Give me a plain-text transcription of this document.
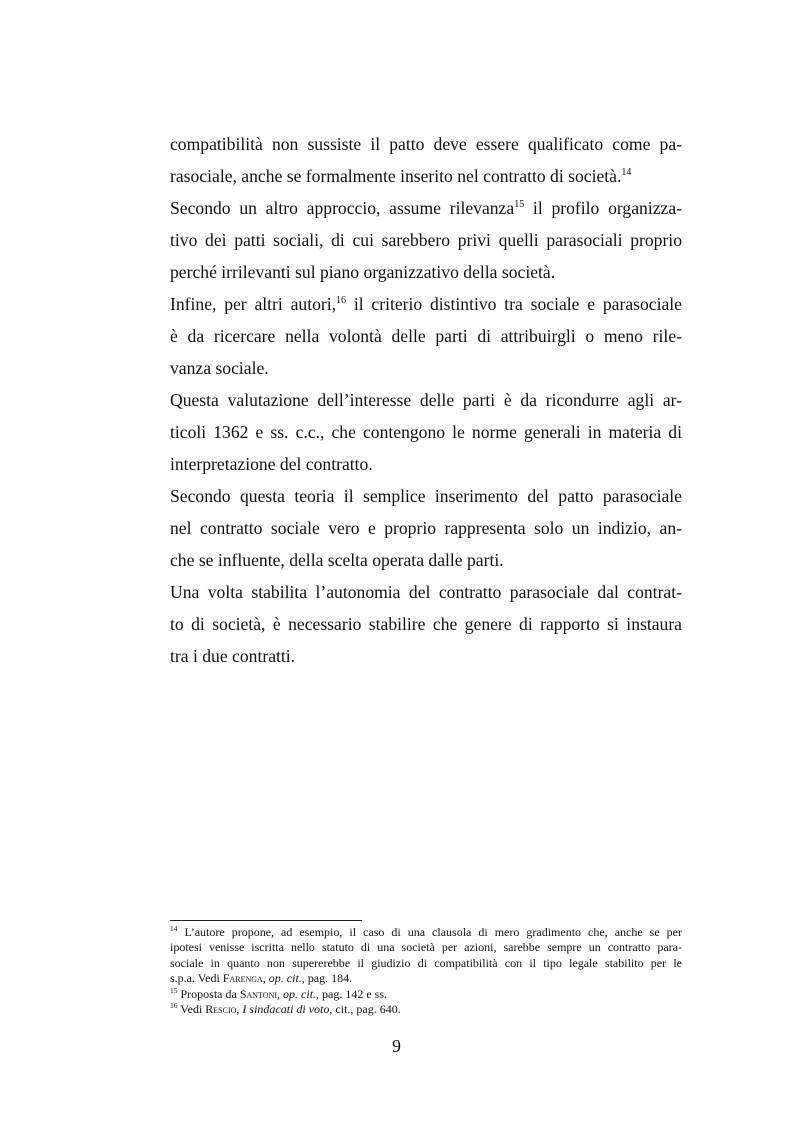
compatibilità non sussiste il patto deve essere qualificato come pa-
rasociale, anche se formalmente inserito nel contratto di società.$^{14}$
Secondo un altro approccio, assume rilevanza$^{15}$ il profilo organizza-
tivo dei patti sociali, di cui sarebbero privi quelli parasociali proprio
perché irrilevanti sul piano organizzativo della società.
Infine, per altri autori,$^{16}$ il criterio distintivo tra sociale e parasociale
è da ricercare nella volontà delle parti di attribuirgli o meno rile-
vanza sociale.
Questa valutazione dell’interesse delle parti è da ricondurre agli ar-
ticoli 1362 e ss. c.c., che contengono le norme generali in materia di
interpretazione del contratto.
Secondo questa teoria il semplice inserimento del patto parasociale
nel contratto sociale vero e proprio rappresenta solo un indizio, an-
che se influente, della scelta operata dalle parti.
Una volta stabilita l’autonomia del contratto parasociale dal contrat-
to di società, è necessario stabilire che genere di rapporto si instaura
tra i due contratti.
$^{14}$ L’autore propone, ad esempio, il caso di una clausola di mero gradimento che, anche se per
ipotesi venisse iscritta nello statuto di una società per azioni, sarebbe sempre un contratto para-
sociale in quanto non supererebbe il giudizio di compatibilità con il tipo legale stabilito per le
s.p.a. Vedi Farenga, op. cit., pag. 184.
$^{15}$ Proposta da Santoni, op. cit., pag. 142 e ss.
$^{16}$ Vedi Rescio, I sindacati di voto, cit., pag. 640.
9
